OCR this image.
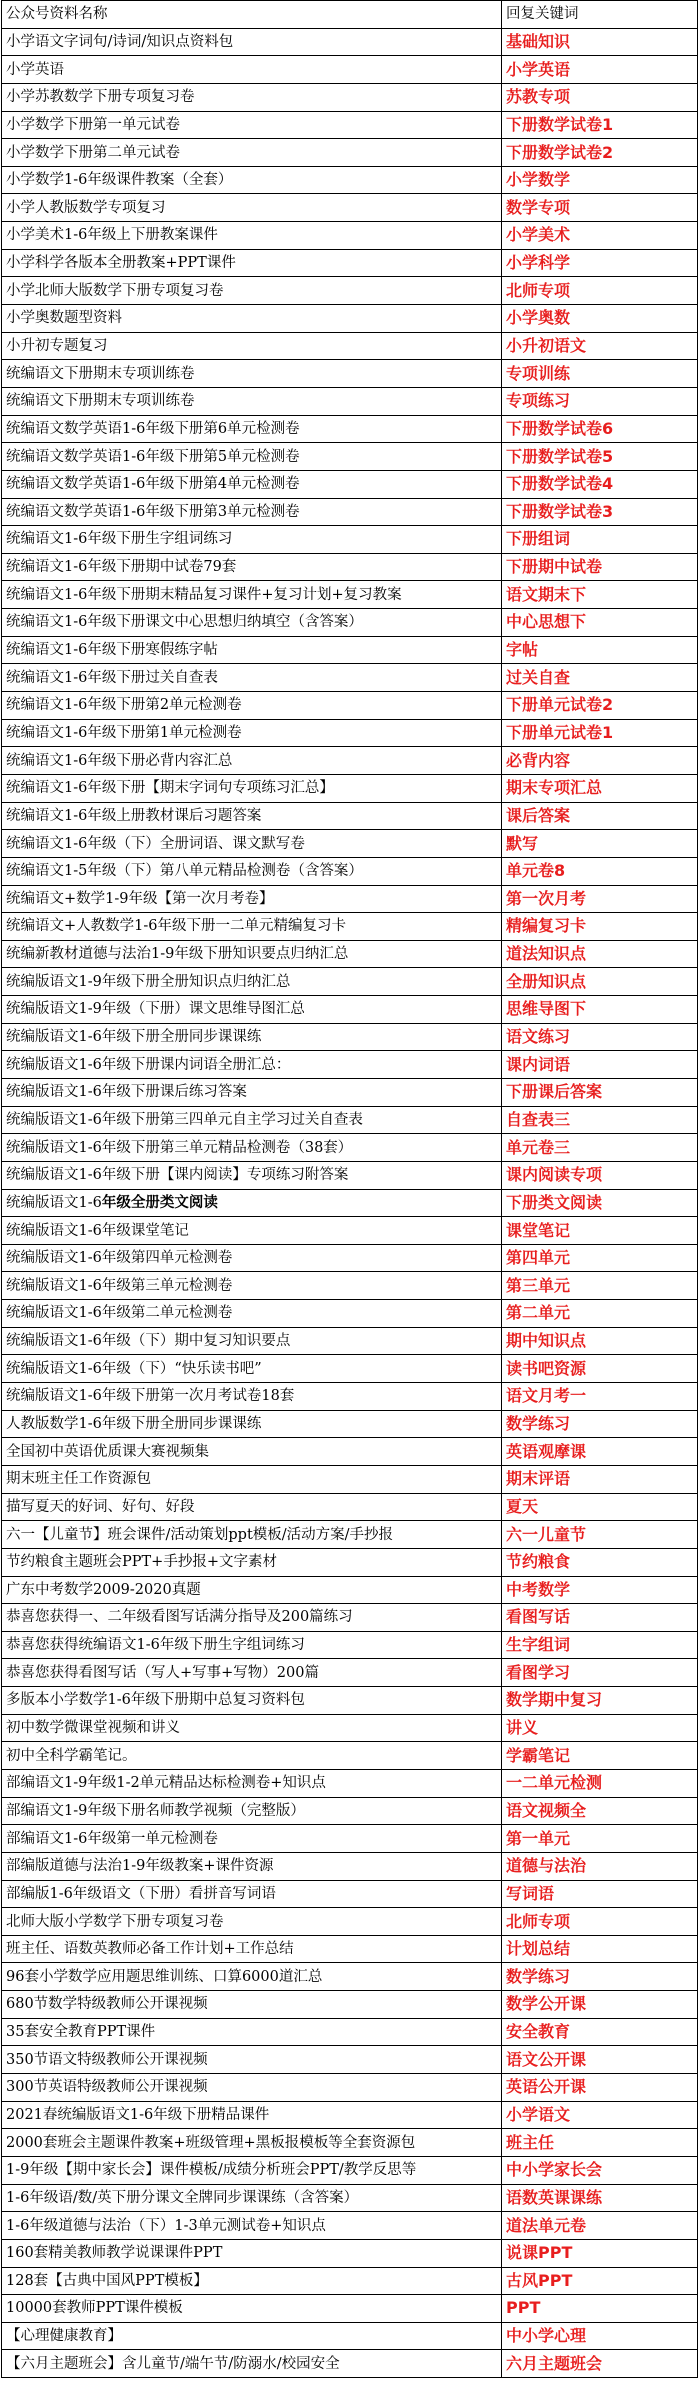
公众号资料名称	回复关键词
小学语文字词句/诗词/知识点资料包	基础知识
小学英语	小学英语
小学苏教数学下册专项复习卷	苏教专项
小学数学下册第一单元试卷	下册数学试卷1
小学数学下册第二单元试卷	下册数学试卷2
小学数学1-6年级课件教案（全套）	小学数学
小学人教版数学专项复习	数学专项
小学美术1-6年级上下册教案课件	小学美术
小学科学各版本全册教案+PPT课件	小学科学
小学北师大版数学下册专项复习卷	北师专项
小学奥数题型资料	小学奥数
小升初专题复习	小升初语文
统编语文下册期末专项训练卷	专项训练
统编语文下册期末专项训练卷	专项练习
统编语文数学英语1-6年级下册第6单元检测卷	下册数学试卷6
统编语文数学英语1-6年级下册第5单元检测卷	下册数学试卷5
统编语文数学英语1-6年级下册第4单元检测卷	下册数学试卷4
统编语文数学英语1-6年级下册第3单元检测卷	下册数学试卷3
统编语文1-6年级下册生字组词练习	下册组词
统编语文1-6年级下册期中试卷79套	下册期中试卷
统编语文1-6年级下册期末精品复习课件+复习计划+复习教案	语文期末下
统编语文1-6年级下册课文中心思想归纳填空（含答案）	中心思想下
统编语文1-6年级下册寒假练字帖	字帖
统编语文1-6年级下册过关自查表	过关自查
统编语文1-6年级下册第2单元检测卷	下册单元试卷2
统编语文1-6年级下册第1单元检测卷	下册单元试卷1
统编语文1-6年级下册必背内容汇总	必背内容
统编语文1-6年级下册【期末字词句专项练习汇总】	期末专项汇总
统编语文1-6年级上册教材课后习题答案	课后答案
统编语文1-6年级（下）全册词语、课文默写卷	默写
统编语文1-5年级（下）第八单元精品检测卷（含答案）	单元卷8
统编语文+数学1-9年级【第一次月考卷】	第一次月考
统编语文+人教数学1-6年级下册一二单元精编复习卡	精编复习卡
统编新教材道德与法治1-9年级下册知识要点归纳汇总	道法知识点
统编版语文1-9年级下册全册知识点归纳汇总	全册知识点
统编版语文1-9年级（下册）课文思维导图汇总	思维导图下
统编版语文1-6年级下册全册同步课课练	语文练习
统编版语文1-6年级下册课内词语全册汇总：	课内词语
统编版语文1-6年级下册课后练习答案	下册课后答案
统编版语文1-6年级下册第三四单元自主学习过关自查表	自查表三
统编版语文1-6年级下册第三单元精品检测卷（38套）	单元卷三
统编版语文1-6年级下册【课内阅读】专项练习附答案	课内阅读专项
统编版语文1-6年级全册类文阅读	下册类文阅读
统编版语文1-6年级课堂笔记	课堂笔记
统编版语文1-6年级第四单元检测卷	第四单元
统编版语文1-6年级第三单元检测卷	第三单元
统编版语文1-6年级第二单元检测卷	第二单元
统编版语文1-6年级（下）期中复习知识要点	期中知识点
统编版语文1-6年级（下）“快乐读书吧”	读书吧资源
统编版语文1-6年级下册第一次月考试卷18套	语文月考一
人教版数学1-6年级下册全册同步课课练	数学练习
全国初中英语优质课大赛视频集	英语观摩课
期末班主任工作资源包	期末评语
描写夏天的好词、好句、好段	夏天
六一【儿童节】班会课件/活动策划ppt模板/活动方案/手抄报	六一儿童节
节约粮食主题班会PPT+手抄报+文字素材	节约粮食
广东中考数学2009-2020真题	中考数学
恭喜您获得一、二年级看图写话满分指导及200篇练习	看图写话
恭喜您获得统编语文1-6年级下册生字组词练习	生字组词
恭喜您获得看图写话（写人+写事+写物）200篇	看图学习
多版本小学数学1-6年级下册期中总复习资料包	数学期中复习
初中数学微课堂视频和讲义	讲义
初中全科学霸笔记。	学霸笔记
部编语文1-9年级1-2单元精品达标检测卷+知识点	一二单元检测
部编语文1-9年级下册名师教学视频（完整版）	语文视频全
部编语文1-6年级第一单元检测卷	第一单元
部编版道德与法治1-9年级教案+课件资源	道德与法治
部编版1-6年级语文（下册）看拼音写词语	写词语
北师大版小学数学下册专项复习卷	北师专项
班主任、语数英教师必备工作计划+工作总结	计划总结
96套小学数学应用题思维训练、口算6000道汇总	数学练习
680节数学特级教师公开课视频	数学公开课
35套安全教育PPT课件	安全教育
350节语文特级教师公开课视频	语文公开课
300节英语特级教师公开课视频	英语公开课
2021春统编版语文1-6年级下册精品课件	小学语文
2000套班会主题课件教案+班级管理+黑板报模板等全套资源包	班主任
1-9年级【期中家长会】课件模板/成绩分析班会PPT/教学反思等	中小学家长会
1-6年级语/数/英下册分课文全牌同步课课练（含答案）	语数英课课练
1-6年级道德与法治（下）1-3单元测试卷+知识点	道法单元卷
160套精美教师教学说课课件PPT	说课PPT
128套【古典中国风PPT模板】	古风PPT
10000套教师PPT课件模板	PPT
【心理健康教育】	中小学心理
【六月主题班会】含儿童节/端午节/防溺水/校园安全	六月主题班会
